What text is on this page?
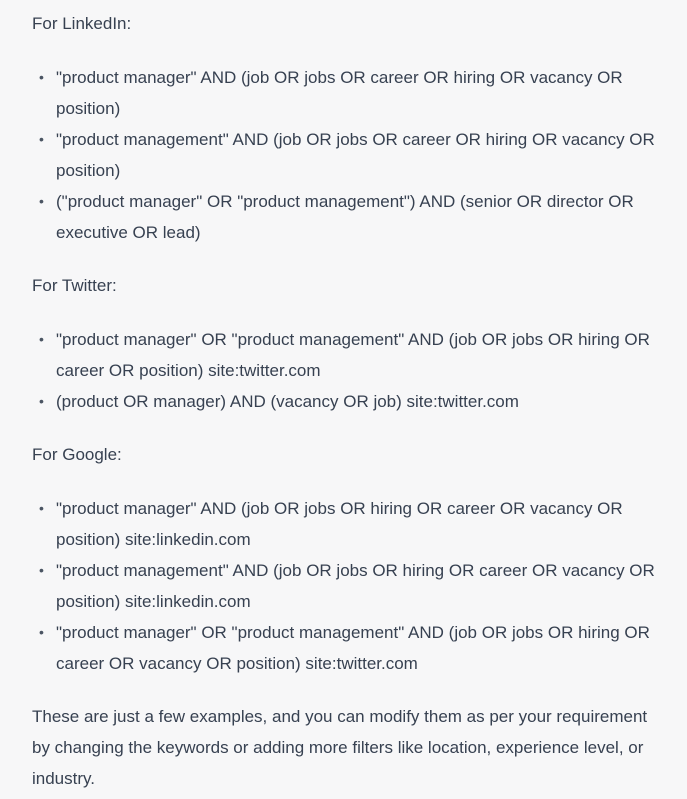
For LinkedIn:

• "product manager" AND (job OR jobs OR career OR hiring OR vacancy OR position)
• "product management" AND (job OR jobs OR career OR hiring OR vacancy OR position)
• ("product manager" OR "product management") AND (senior OR director OR executive OR lead)

For Twitter:

• "product manager" OR "product management" AND (job OR jobs OR hiring OR career OR position) site:twitter.com
• (product OR manager) AND (vacancy OR job) site:twitter.com

For Google:

• "product manager" AND (job OR jobs OR hiring OR career OR vacancy OR position) site:linkedin.com
• "product management" AND (job OR jobs OR hiring OR career OR vacancy OR position) site:linkedin.com
• "product manager" OR "product management" AND (job OR jobs OR hiring OR career OR vacancy OR position) site:twitter.com

These are just a few examples, and you can modify them as per your requirement by changing the keywords or adding more filters like location, experience level, or industry.
